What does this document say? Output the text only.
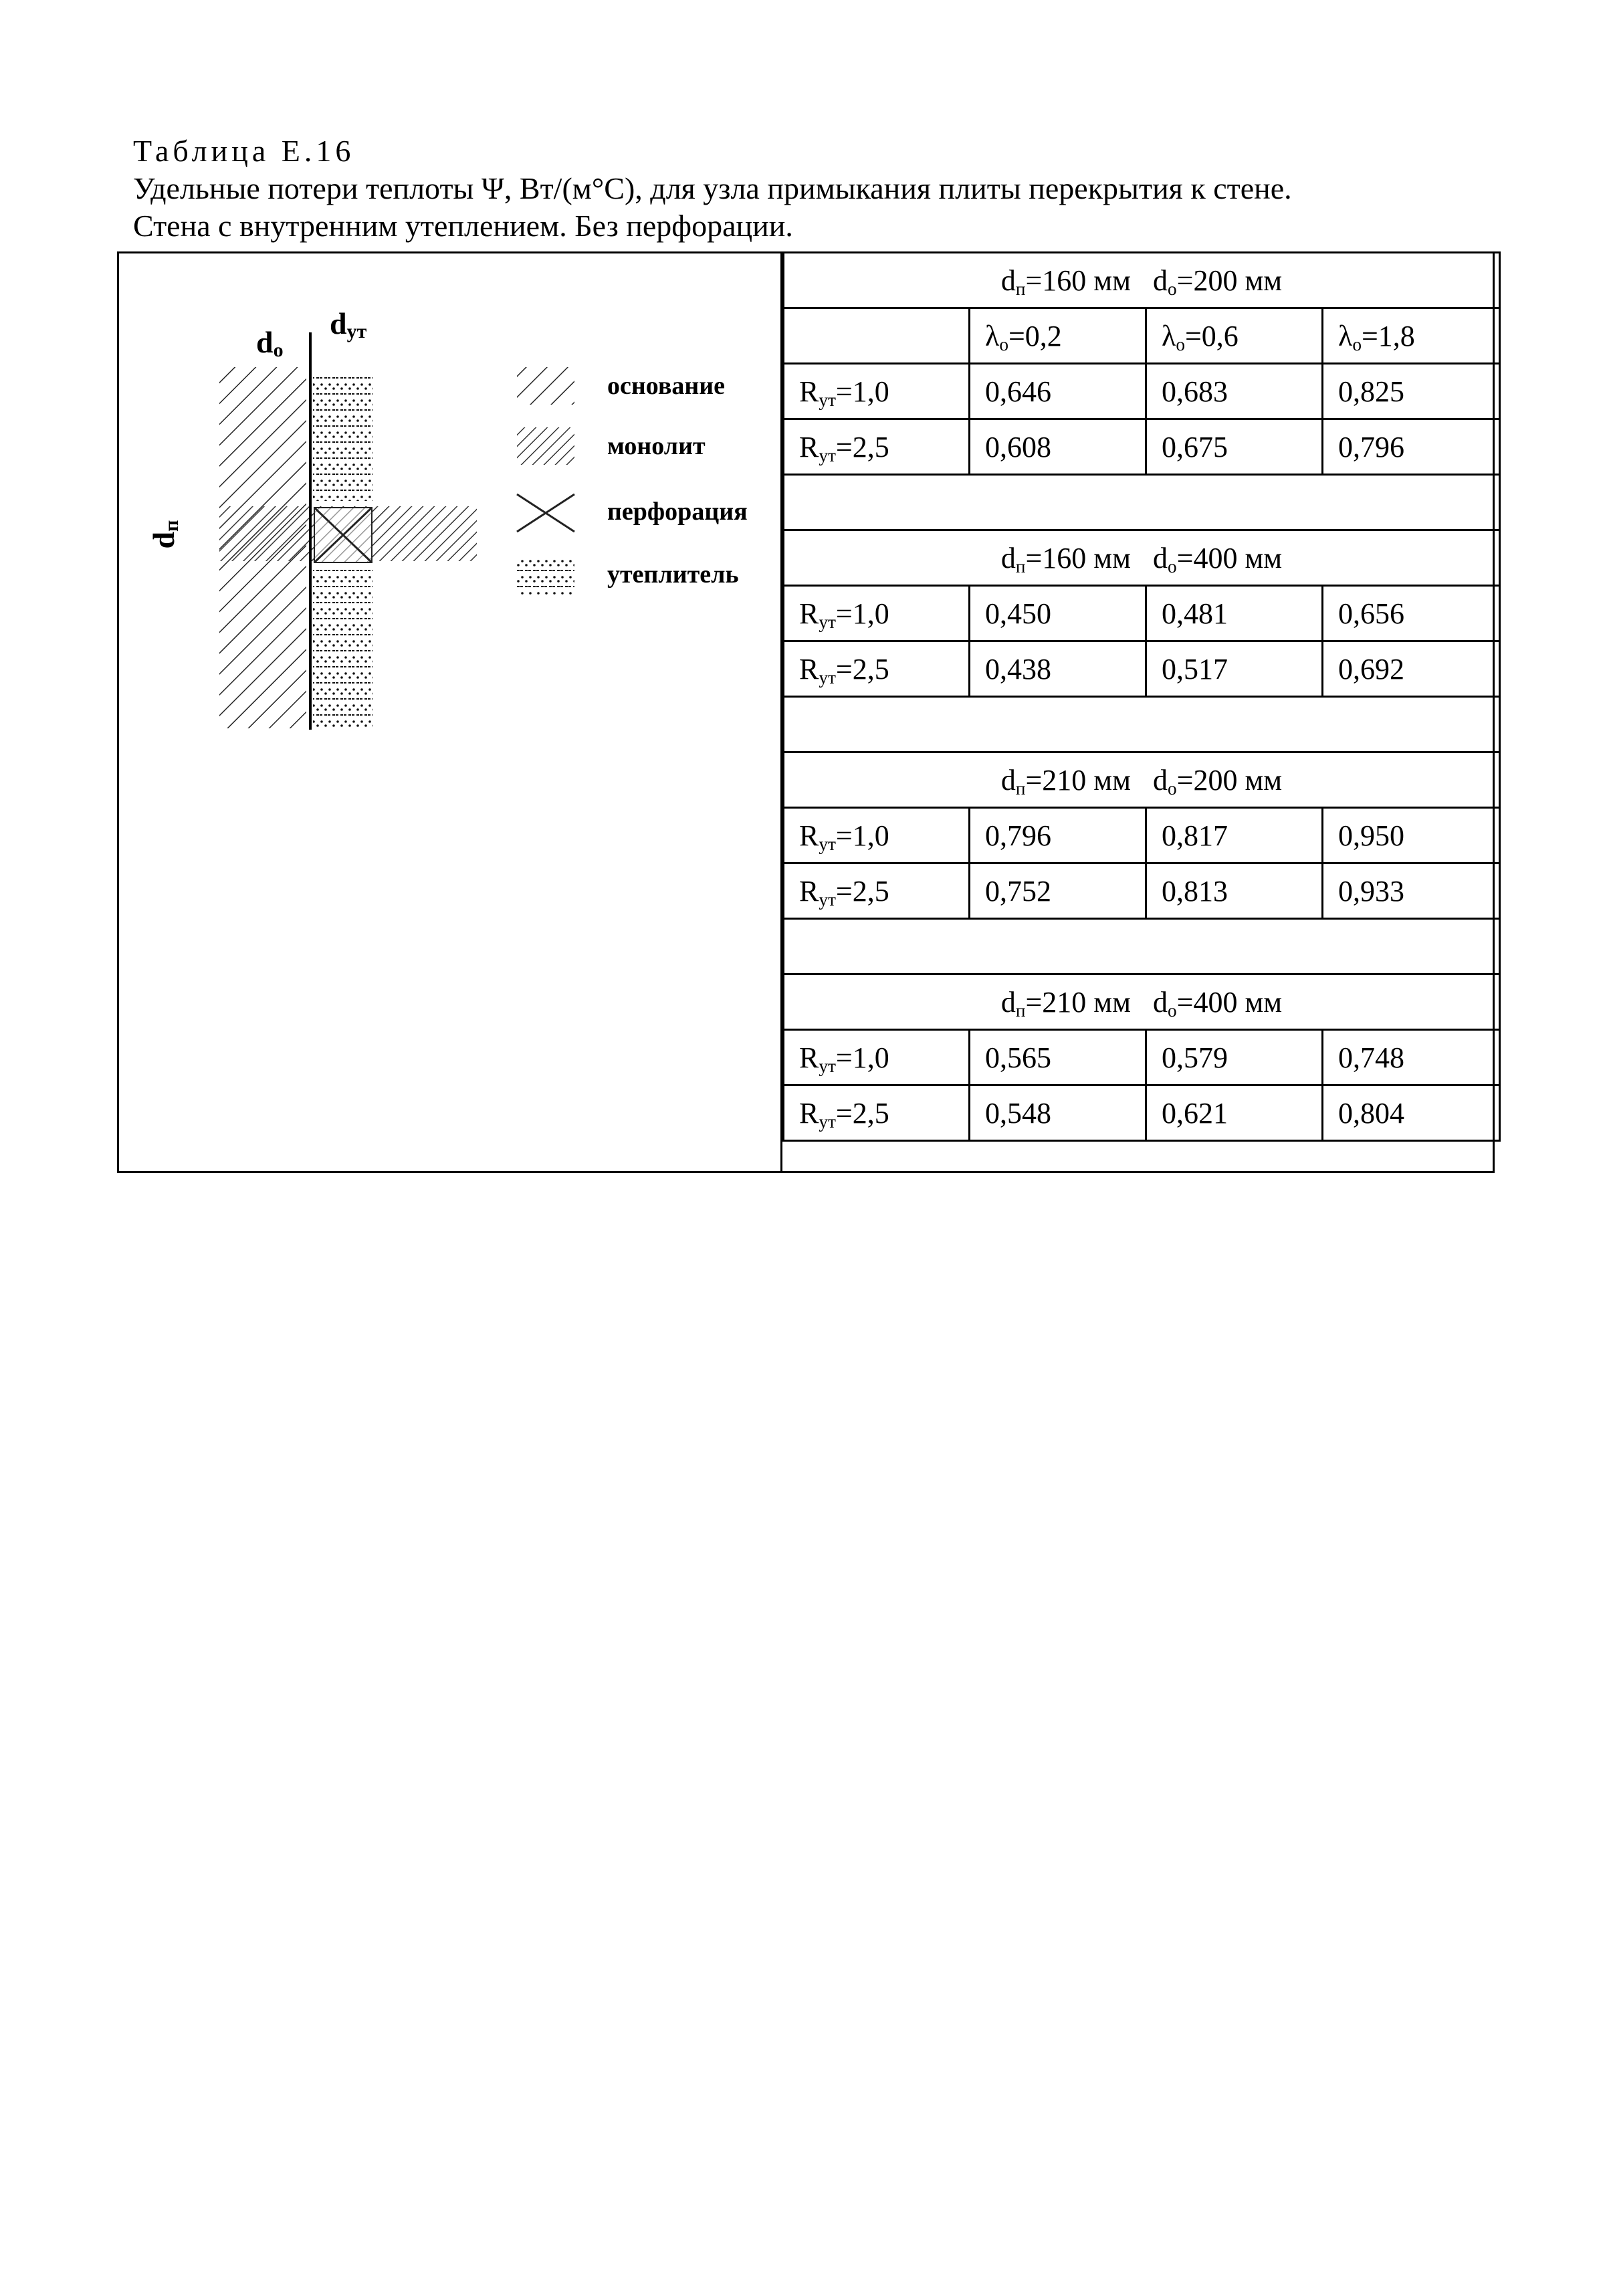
Таблица Е.16
Удельные потери теплоты Ψ, Вт/(м°С), для узла примыкания плиты перекрытия к стене.
Стена с внутренним утеплением. Без перфорации.
do
dут
dп
основание
монолит
перфорация
утеплитель
$d_п=160$ мм   $d_о=200$ мм			
	$\lambda_o=0,2$	$\lambda_o=0,6$	$\lambda_o=1,8$
$R_{ут}=1,0$	0,646	0,683	0,825
$R_{ут}=2,5$	0,608	0,675	0,796

$d_п=160$ мм   $d_о=400$ мм			
$R_{ут}=1,0$	0,450	0,481	0,656
$R_{ут}=2,5$	0,438	0,517	0,692

$d_п=210$ мм   $d_о=200$ мм			
$R_{ут}=1,0$	0,796	0,817	0,950
$R_{ут}=2,5$	0,752	0,813	0,933

$d_п=210$ мм   $d_о=400$ мм			
$R_{ут}=1,0$	0,565	0,579	0,748
$R_{ут}=2,5$	0,548	0,621	0,804
